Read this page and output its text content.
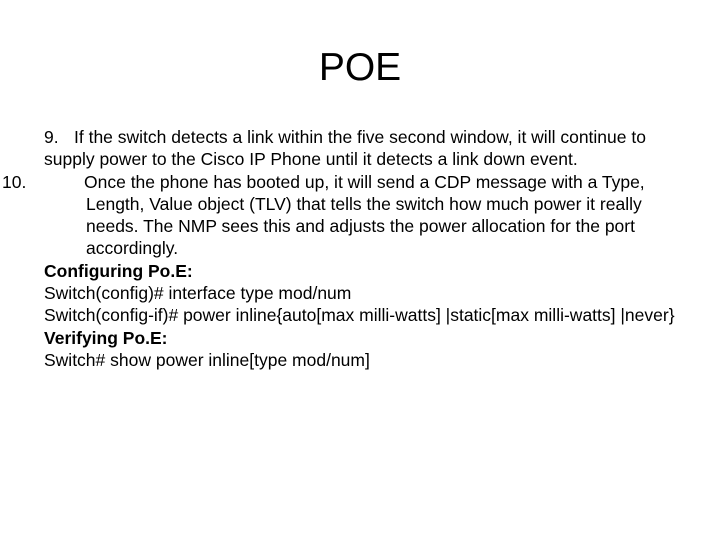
POE

9. If the switch detects a link within the five second window, it will continue to supply power to the Cisco IP Phone until it detects a link down event.

10.	Once the phone has booted up, it will send a CDP message with a Type, Length, Value object (TLV) that tells the switch how much power it really needs. The NMP sees this and adjusts the power allocation for the port accordingly.

Configuring Po.E:

Switch(config)# interface type mod/num

Switch(config-if)# power inline{auto[max milli-watts] |static[max milli-watts] |never}

Verifying Po.E:

Switch# show power inline[type mod/num]
